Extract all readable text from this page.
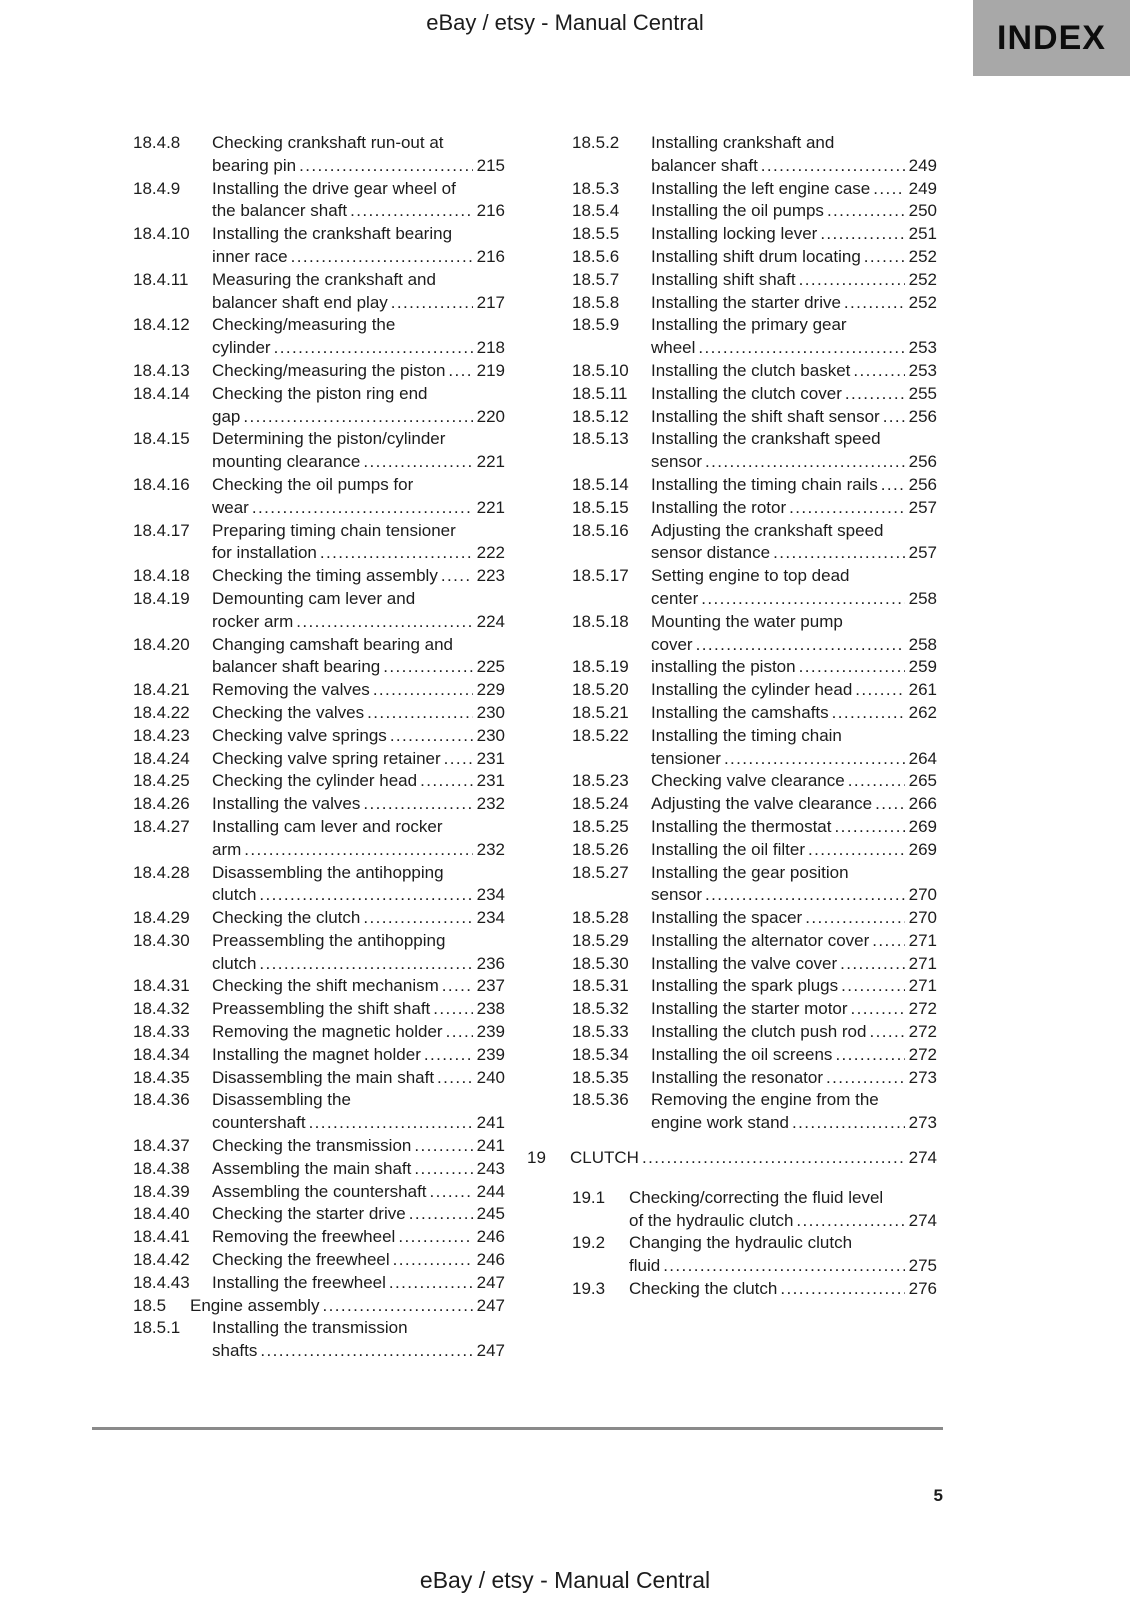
eBay / etsy - Manual Central	INDEX
18.4.8	Checking crankshaft run-out at
bearing pin .....	215
18.4.9	Installing the drive gear wheel of
the balancer shaft .....	216
18.4.10	Installing the crankshaft bearing
inner race .....	216
18.4.11	Measuring the crankshaft and
balancer shaft end play .....	217
18.4.12	Checking/measuring the
cylinder .....	218
18.4.13	Checking/measuring the piston ..... 219
18.4.14	Checking the piston ring end
gap .....	220
18.4.15	Determining the piston/cylinder
mounting clearance .....	221
18.4.16	Checking the oil pumps for
wear .....	221
18.4.17	Preparing timing chain tensioner
for installation .....	222
18.4.18	Checking the timing assembly ..... 223
18.4.19	Demounting cam lever and
rocker arm .....	224
18.4.20	Changing camshaft bearing and
balancer shaft bearing .....	225
18.4.21	Removing the valves .....	229
18.4.22	Checking the valves .....	230
18.4.23	Checking valve springs .....	230
18.4.24	Checking valve spring retainer ..... 231
18.4.25	Checking the cylinder head .....	231
18.4.26	Installing the valves .....	232
18.4.27	Installing cam lever and rocker
arm .....	232
18.4.28	Disassembling the antihopping
clutch .....	234
18.4.29	Checking the clutch .....	234
18.4.30	Preassembling the antihopping
clutch .....	236
18.4.31	Checking the shift mechanism ..... 237
18.4.32	Preassembling the shift shaft .....	238
18.4.33	Removing the magnetic holder ..... 239
18.4.34	Installing the magnet holder .....	239
18.4.35	Disassembling the main shaft .....	240
18.4.36	Disassembling the
countershaft .....	241
18.4.37	Checking the transmission .....	241
18.4.38	Assembling the main shaft .....	243
18.4.39	Assembling the countershaft .....	244
18.4.40	Checking the starter drive .....	245
18.4.41	Removing the freewheel .....	246
18.4.42	Checking the freewheel .....	246
18.4.43	Installing the freewheel .....	247
18.5	Engine assembly .....	247
18.5.1	Installing the transmission
shafts .....	247
18.5.2	Installing crankshaft and
balancer shaft .....	249
18.5.3	Installing the left engine case ..... 249
18.5.4	Installing the oil pumps .....	250
18.5.5	Installing locking lever .....	251
18.5.6	Installing shift drum locating .....	252
18.5.7	Installing shift shaft .....	252
18.5.8	Installing the starter drive .....	252
18.5.9	Installing the primary gear
wheel .....	253
18.5.10	Installing the clutch basket .....	253
18.5.11	Installing the clutch cover .....	255
18.5.12	Installing the shift shaft sensor ..... 256
18.5.13	Installing the crankshaft speed
sensor .....	256
18.5.14	Installing the timing chain rails ..... 256
18.5.15	Installing the rotor .....	257
18.5.16	Adjusting the crankshaft speed
sensor distance .....	257
18.5.17	Setting engine to top dead
center .....	258
18.5.18	Mounting the water pump
cover .....	258
18.5.19	installing the piston .....	259
18.5.20	Installing the cylinder head .....	261
18.5.21	Installing the camshafts .....	262
18.5.22	Installing the timing chain
tensioner .....	264
18.5.23	Checking valve clearance .....	265
18.5.24	Adjusting the valve clearance ..... 266
18.5.25	Installing the thermostat .....	269
18.5.26	Installing the oil filter .....	269
18.5.27	Installing the gear position
sensor .....	270
18.5.28	Installing the spacer .....	270
18.5.29	Installing the alternator cover ..... 271
18.5.30	Installing the valve cover .....	271
18.5.31	Installing the spark plugs .....	271
18.5.32	Installing the starter motor .....	272
18.5.33	Installing the clutch push rod ..... 272
18.5.34	Installing the oil screens .....	272
18.5.35	Installing the resonator .....	273
18.5.36	Removing the engine from the
engine work stand .....	273
19	CLUTCH .....	274
19.1	Checking/correcting the fluid level
of the hydraulic clutch .....	274
19.2	Changing the hydraulic clutch
fluid .....	275
19.3	Checking the clutch .....	276
5
eBay / etsy - Manual Central
